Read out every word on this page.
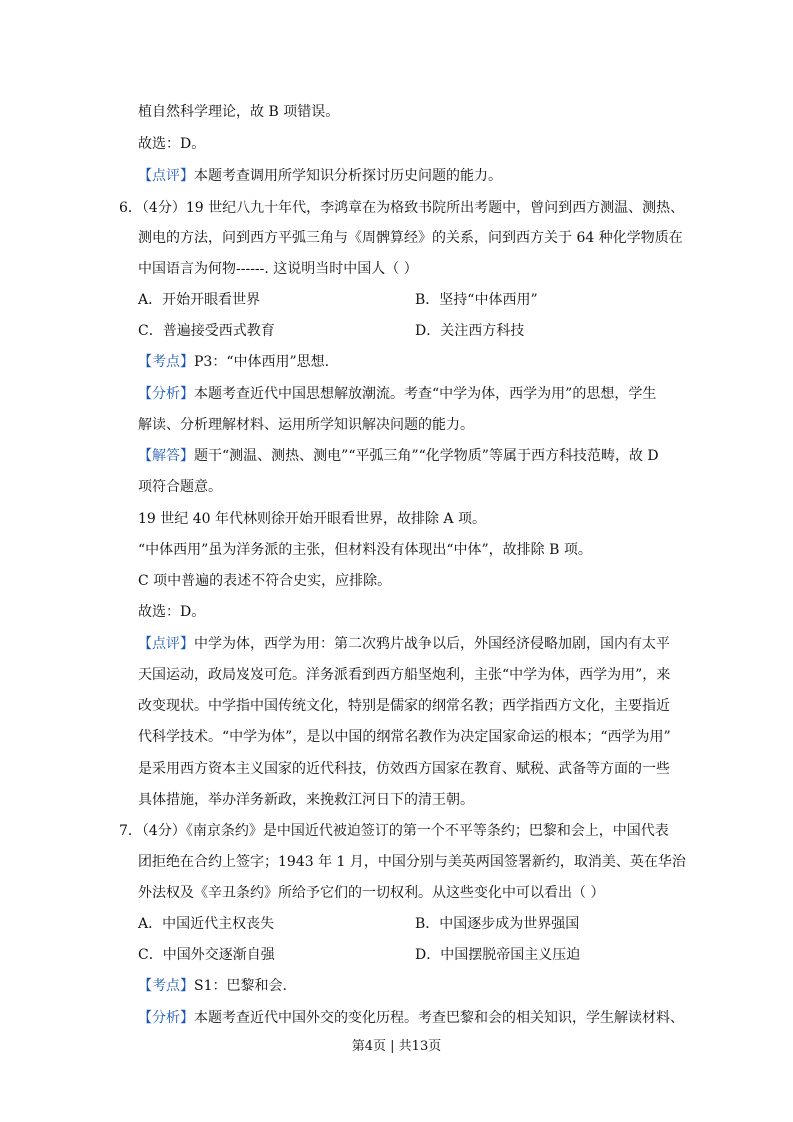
植自然科学理论，故 B 项错误。
故选：D。
【点评】本题考查调用所学知识分析探讨历史问题的能力。
6．（4分）19 世纪八九十年代，李鸿章在为格致书院所出考题中，曾问到西方测温、测热、
测电的方法，问到西方平弧三角与《周髀算经》的关系，问到西方关于 64 种化学物质在
中国语言为何物------. 这说明当时中国人（ ）
A．开始开眼看世界	B．坚持“中体西用”
C．普遍接受西式教育	D．关注西方科技
【考点】P3：“中体西用”思想.
【分析】本题考查近代中国思想解放潮流。考查“中学为体，西学为用”的思想，学生
解读、分析理解材料、运用所学知识解决问题的能力。
【解答】题干“测温、测热、测电”“平弧三角”“化学物质”等属于西方科技范畴，故 D
项符合题意。
19 世纪 40 年代林则徐开始开眼看世界，故排除 A 项。
“中体西用”虽为洋务派的主张，但材料没有体现出“中体”，故排除 B 项。
C 项中普遍的表述不符合史实，应排除。
故选：D。
【点评】中学为体，西学为用：第二次鸦片战争以后，外国经济侵略加剧，国内有太平
天国运动，政局岌岌可危。洋务派看到西方船坚炮利，主张“中学为体，西学为用”，来
改变现状。中学指中国传统文化，特别是儒家的纲常名教；西学指西方文化，主要指近
代科学技术。“中学为体”，是以中国的纲常名教作为决定国家命运的根本；“西学为用”
是采用西方资本主义国家的近代科技，仿效西方国家在教育、赋税、武备等方面的一些
具体措施，举办洋务新政，来挽救江河日下的清王朝。
7．（4分）《南京条约》是中国近代被迫签订的第一个不平等条约；巴黎和会上，中国代表
团拒绝在合约上签字；1943 年 1 月，中国分别与美英两国签署新约，取消美、英在华治
外法权及《辛丑条约》所给予它们的一切权利。从这些变化中可以看出（ ）
A．中国近代主权丧失	B．中国逐步成为世界强国
C．中国外交逐渐自强	D．中国摆脱帝国主义压迫
【考点】S1：巴黎和会.
【分析】本题考查近代中国外交的变化历程。考查巴黎和会的相关知识，学生解读材料、
第4页 | 共13页
